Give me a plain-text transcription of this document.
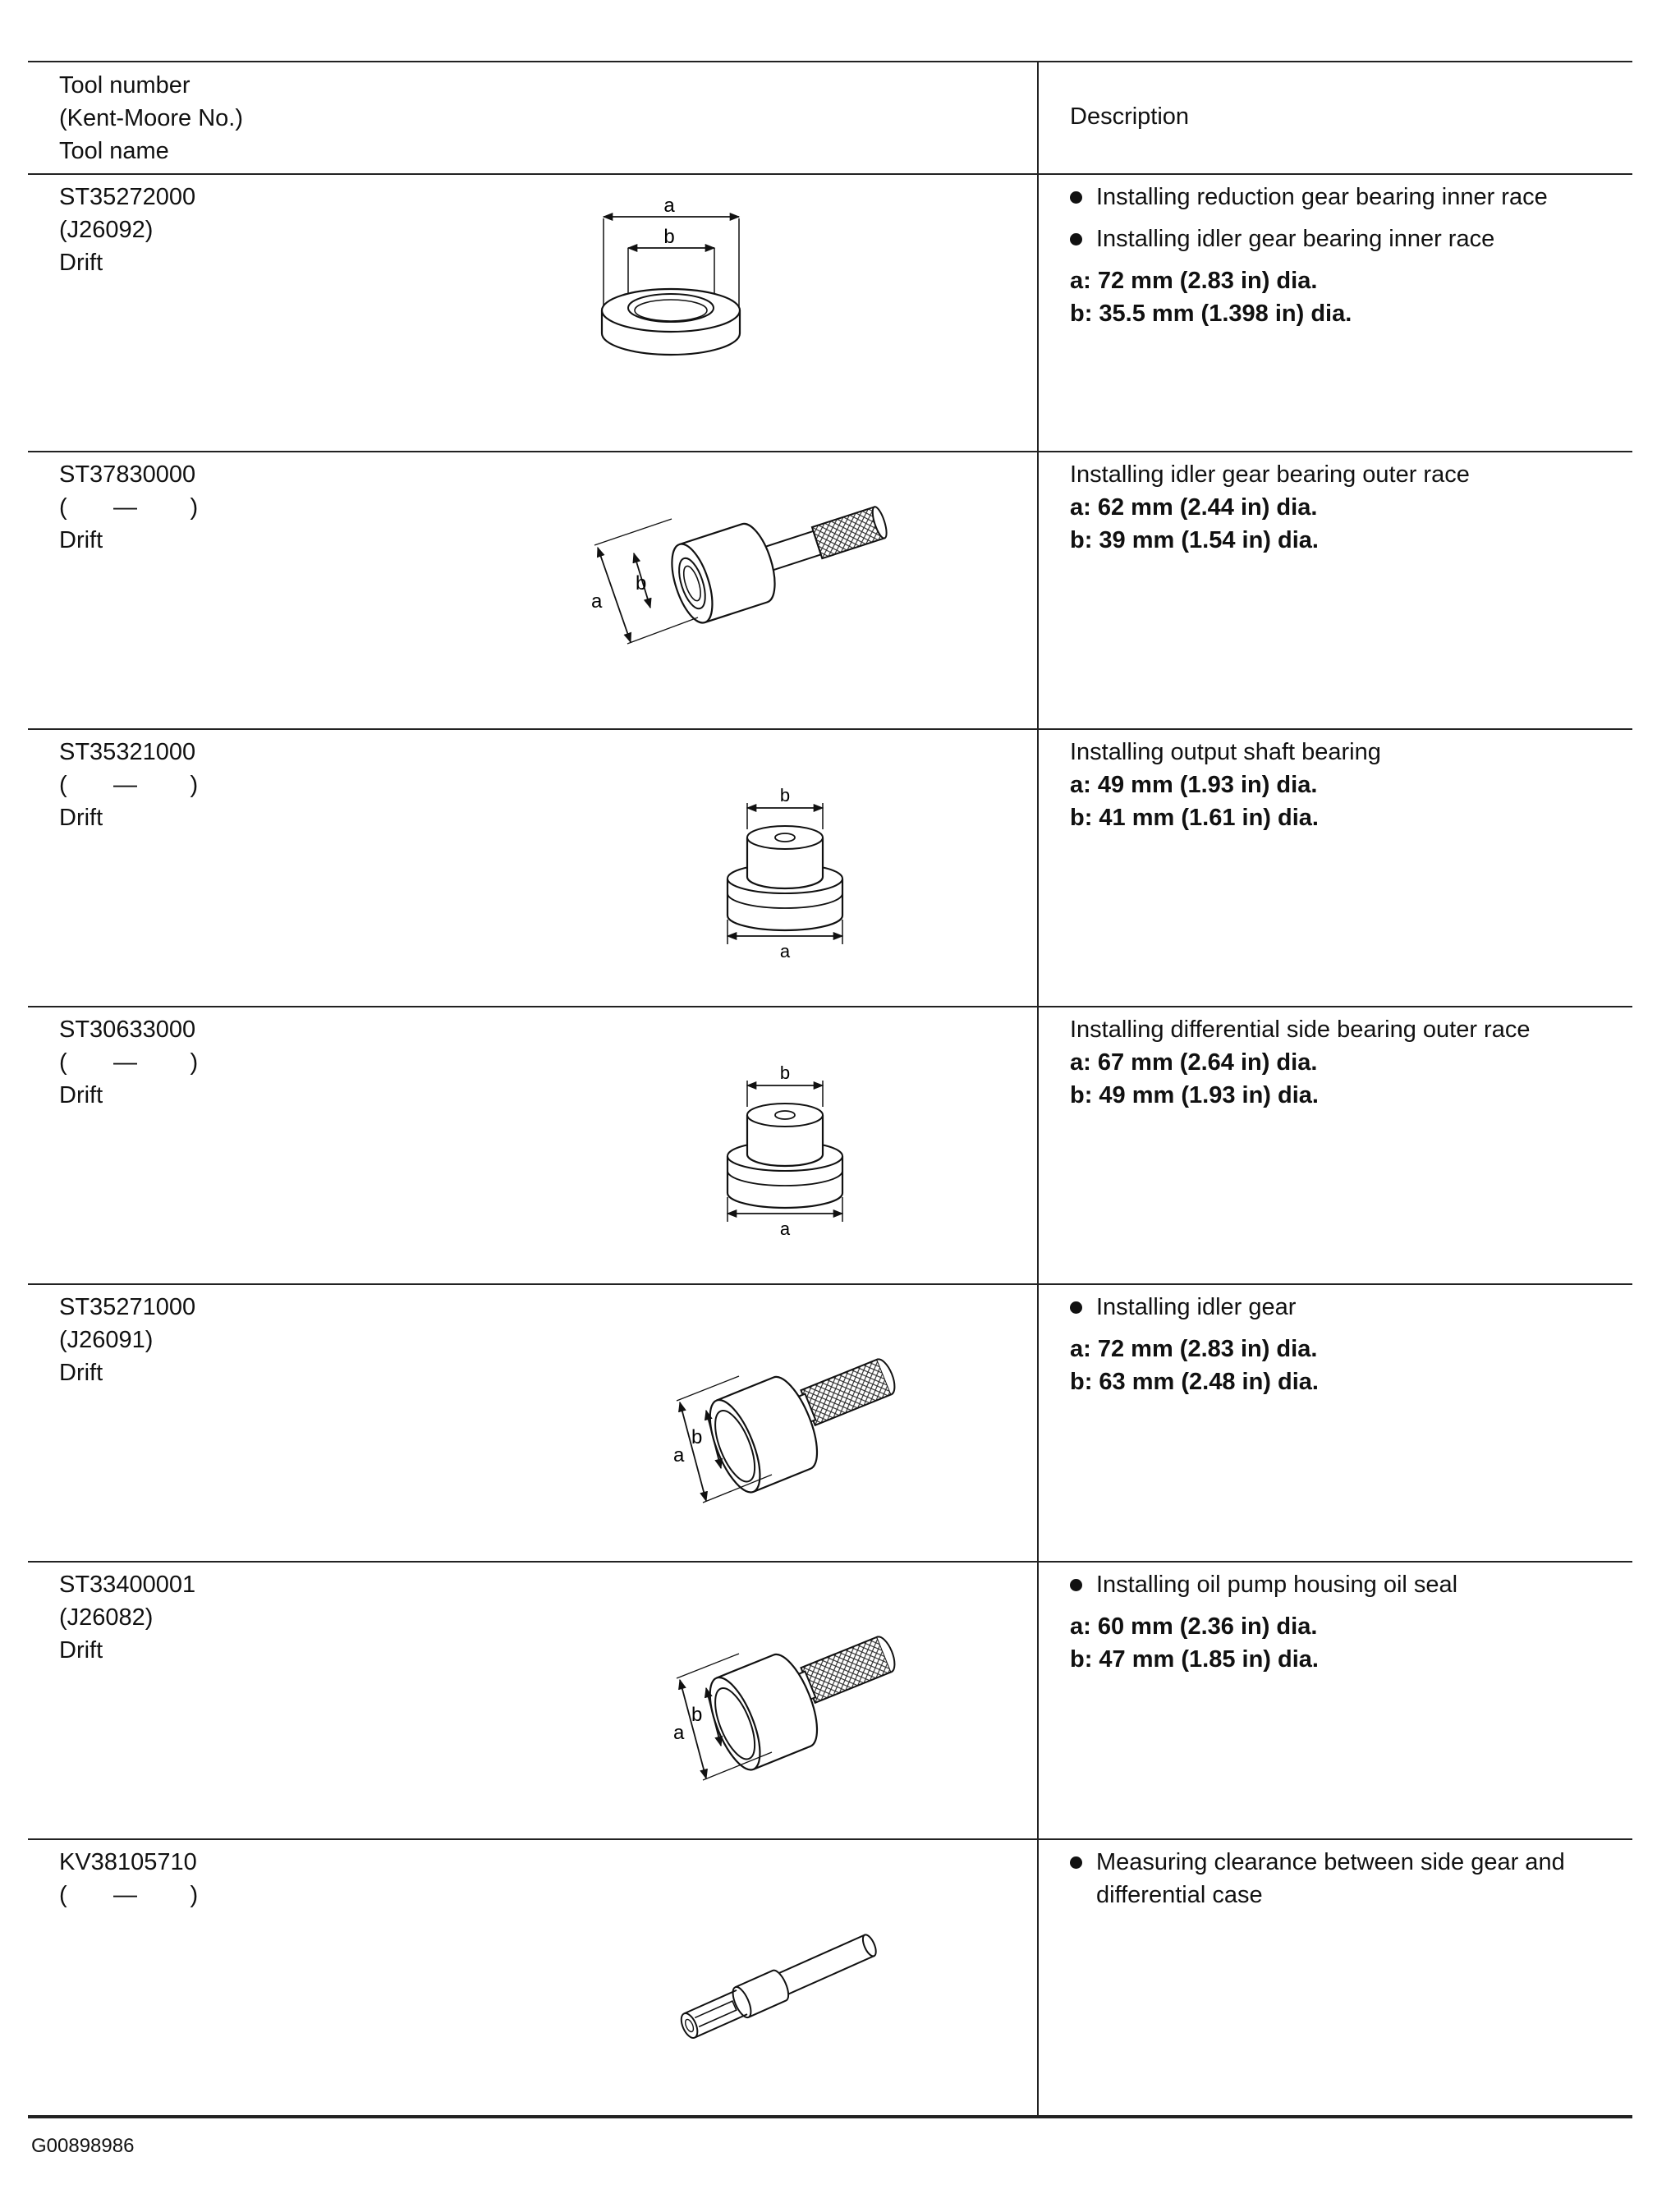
Tool number
(Kent-Moore No.)
Tool name
Description
ST35272000
(J26092)
Drift
a
b
Installing reduction gear bearing inner race
Installing idler gear bearing inner race
a: 72 mm (2.83 in) dia.
b: 35.5 mm (1.398 in) dia.
ST37830000
(       —        )
Drift
a
b
Installing idler gear bearing outer race
a: 62 mm (2.44 in) dia.
b: 39 mm (1.54 in) dia.
ST35321000
(       —        )
Drift
b
a
Installing output shaft bearing
a: 49 mm (1.93 in) dia.
b: 41 mm (1.61 in) dia.
ST30633000
(       —        )
Drift
b
a
Installing differential side bearing outer race
a: 67 mm (2.64 in) dia.
b: 49 mm (1.93 in) dia.
ST35271000
(J26091)
Drift
a
b
Installing idler gear
a: 72 mm (2.83 in) dia.
b: 63 mm (2.48 in) dia.
ST33400001
(J26082)
Drift
a
b
Installing oil pump housing oil seal
a: 60 mm (2.36 in) dia.
b: 47 mm (1.85 in) dia.
KV38105710
(       —        )
Measuring clearance between side gear and differential case
G00898986
